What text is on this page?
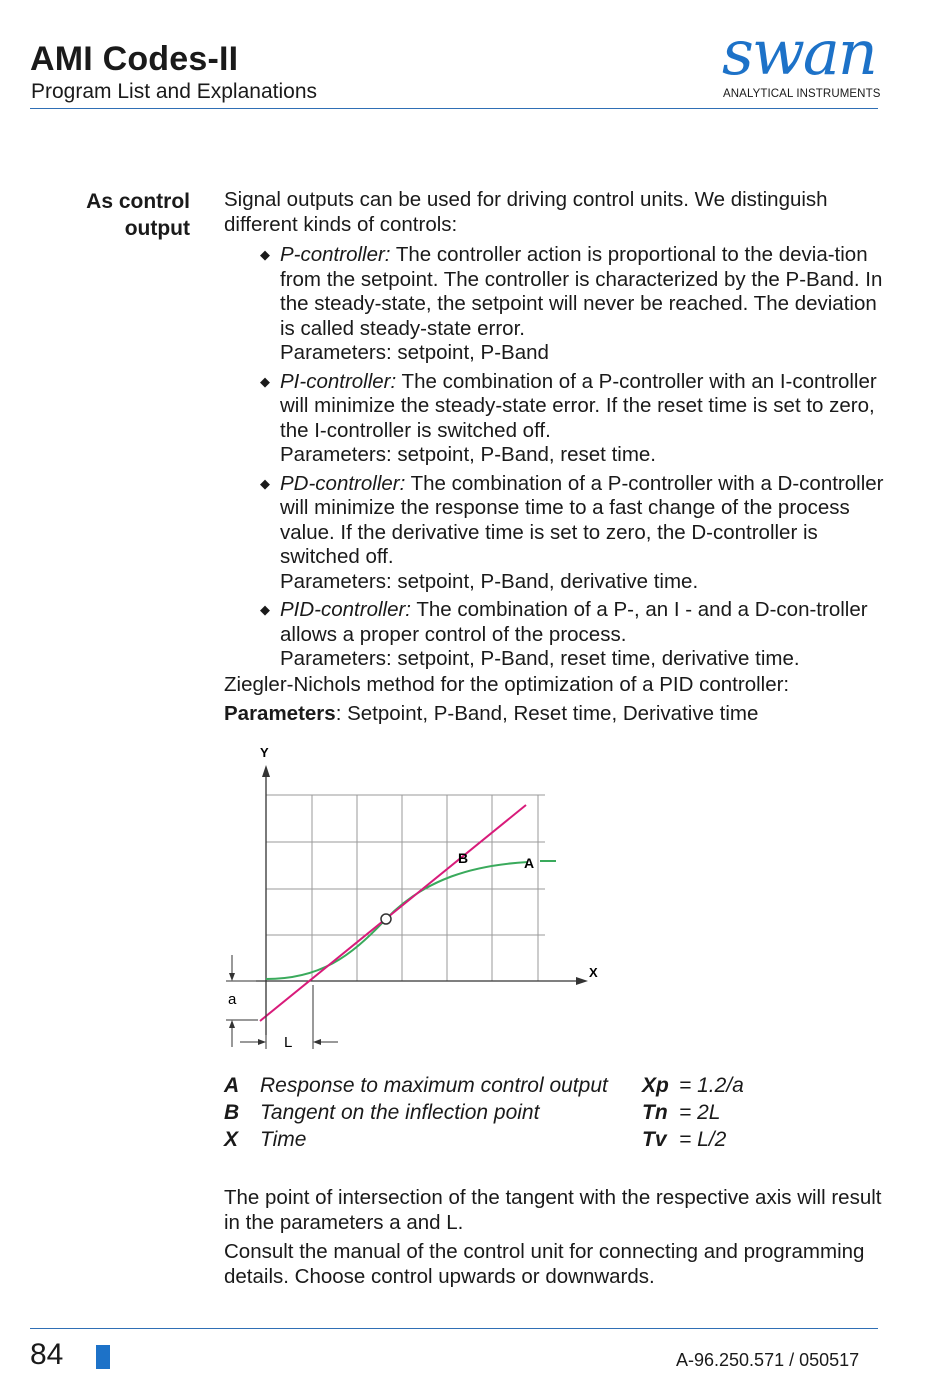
AMI Codes-II
Program List and Explanations
swan
ANALYTICAL INSTRUMENTS
As control
output
Signal outputs can be used for driving control units. We distinguish different kinds of controls:
◆ P-controller: The controller action is proportional to the devia-tion from the setpoint. The controller is characterized by the P-Band. In the steady-state, the setpoint will never be reached. The deviation is called steady-state error.
Parameters: setpoint, P-Band
◆ PI-controller: The combination of a P-controller with an I-controller will minimize the steady-state error. If the reset time is set to zero, the I-controller is switched off.
Parameters: setpoint, P-Band, reset time.
◆ PD-controller: The combination of a P-controller with a D-controller will minimize the response time to a fast change of the process value. If the derivative time is set to zero, the D-controller is switched off.
Parameters: setpoint, P-Band, derivative time.
◆ PID-controller: The combination of a P-, an I - and a D-con-troller allows a proper control of the process.
Parameters: setpoint, P-Band, reset time, derivative time.
Ziegler-Nichols method for the optimization of a PID controller:
Parameters: Setpoint, P-Band, Reset time, Derivative time
Y
X
A
B
a
L
A Response to maximum control output Xp = 1.2/a
B Tangent on the inflection point	Tn = 2L
X Time	Tv = L/2
The point of intersection of the tangent with the respective axis will result in the parameters a and L.
Consult the manual of the control unit for connecting and programming details. Choose control upwards or downwards.
84	A-96.250.571 / 050517
